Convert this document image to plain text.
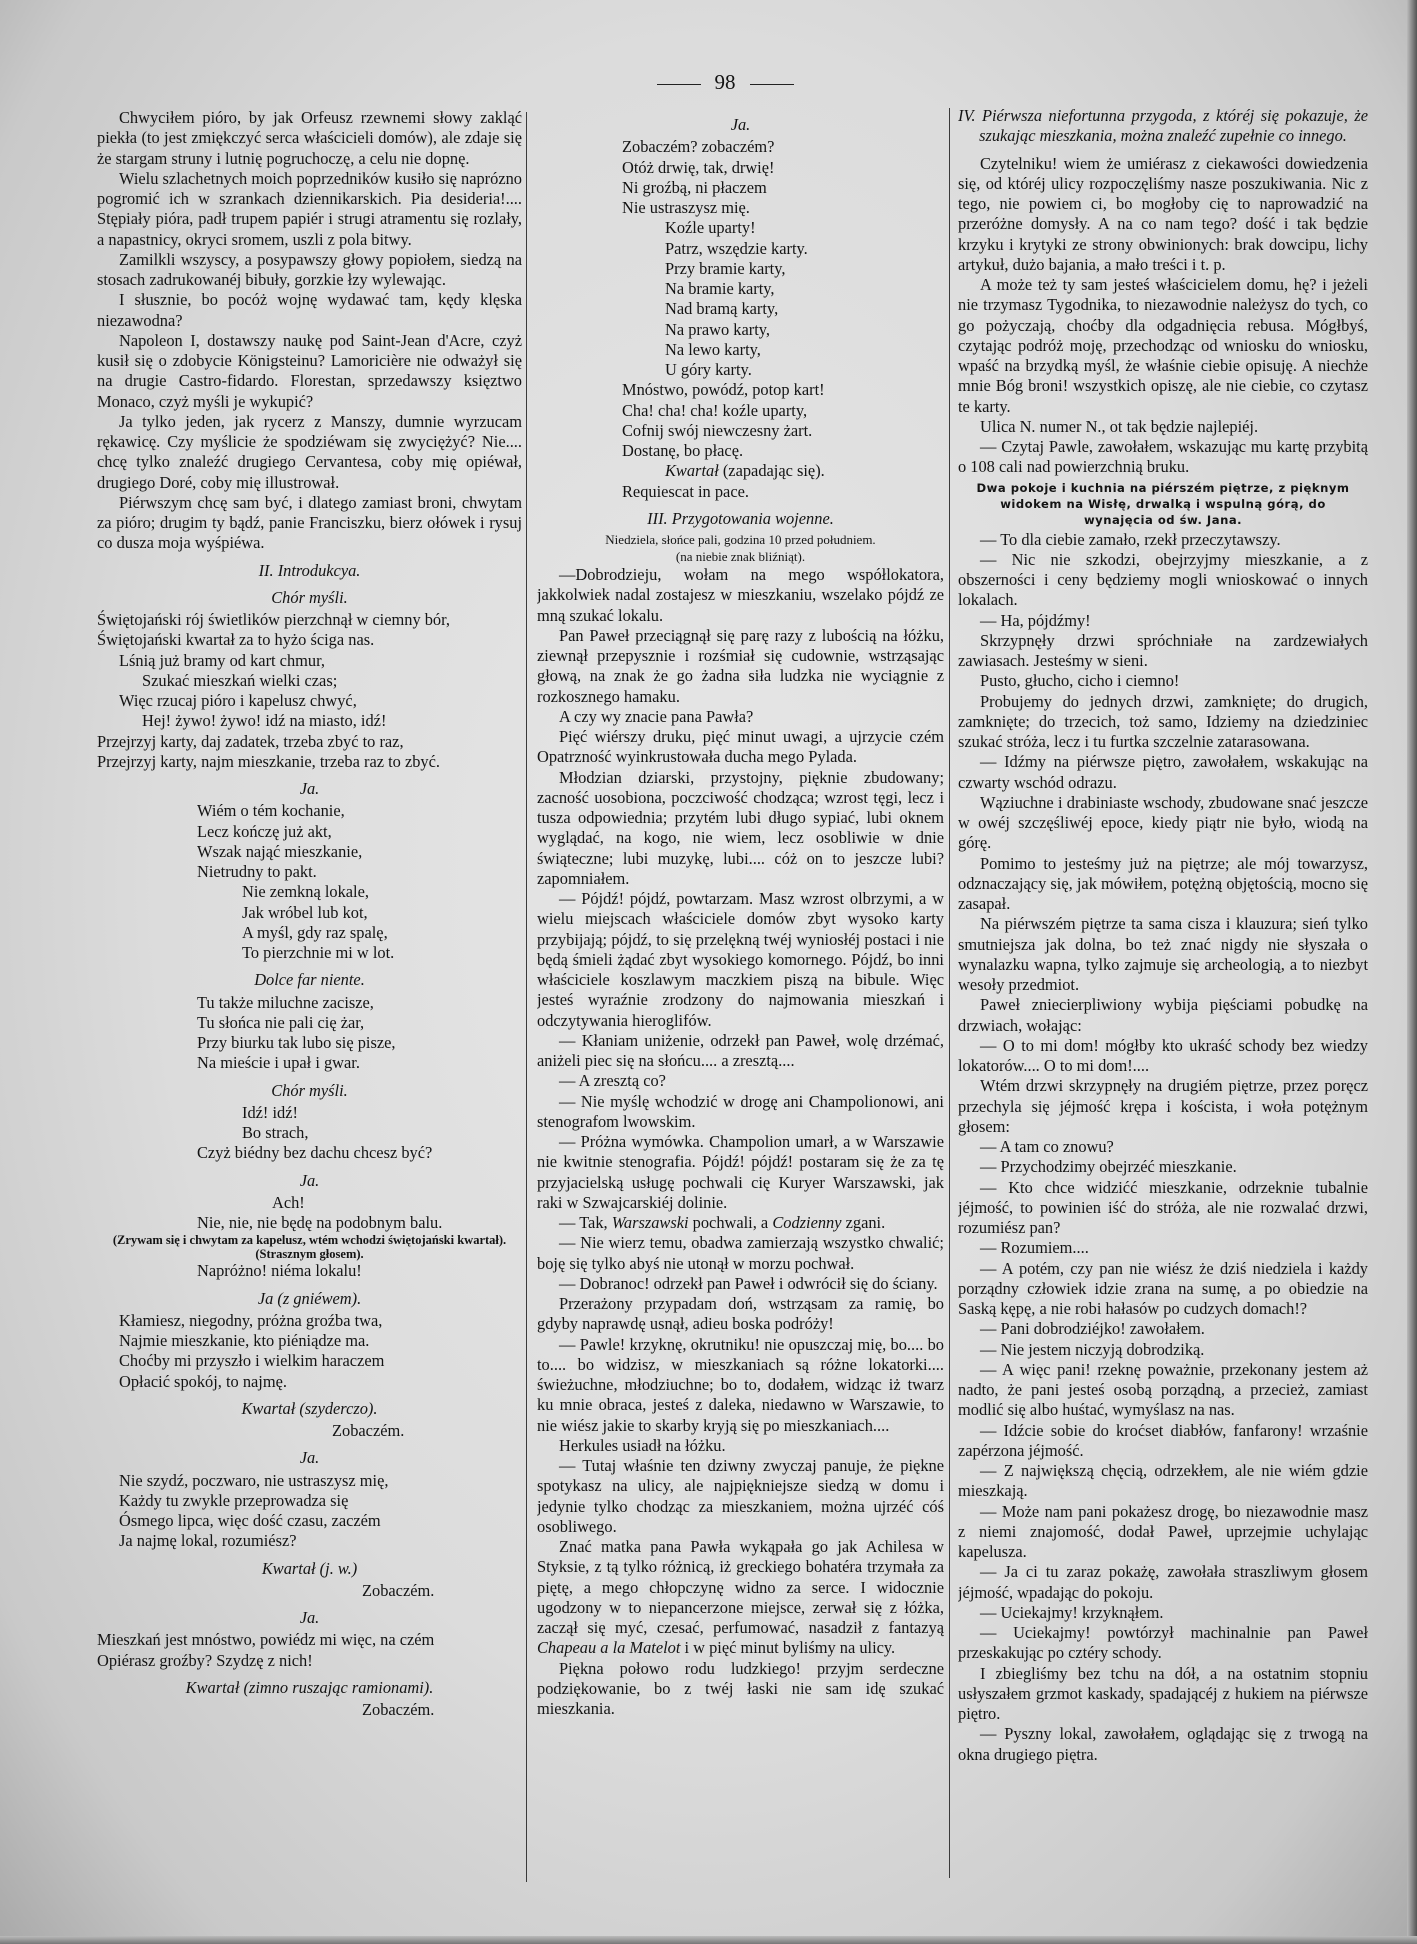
98
Chwyciłem pióro, by jak Orfeusz rzewnemi słowy zakląć piekła (to jest zmiękczyć serca właścicieli domów), ale zdaje się że stargam struny i lutnię pogruchoczę, a celu nie dopnę.
Wielu szlachetnych moich poprzedników kusiło się naprózno pogromić ich w szrankach dziennikarskich. Pia desideria!.... Stępiały pióra, padł trupem papiér i strugi atramentu się rozlały, a napastnicy, okryci sromem, uszli z pola bitwy.
Zamilkli wszyscy, a posypawszy głowy popiołem, siedzą na stosach zadrukowanéj bibuły, gorzkie łzy wylewając.
I słusznie, bo pocóż wojnę wydawać tam, kędy klęska niezawodna?
Napoleon I, dostawszy naukę pod Saint-Jean d'Acre, czyż kusił się o zdobycie Königsteinu? Lamoricière nie odważył się na drugie Castro-fidardo. Florestan, sprzedawszy księztwo Monaco, czyż myśli je wykupić?
Ja tylko jeden, jak rycerz z Manszy, dumnie wyrzucam rękawicę. Czy myślicie że spodziéwam się zwyciężyć? Nie.... chcę tylko znaleźć drugiego Cervantesa, coby mię opiéwał, drugiego Doré, coby mię illustrował.
Piérwszym chcę sam być, i dlatego zamiast broni, chwytam za pióro; drugim ty bądź, panie Franciszku, bierz ołówek i rysuj co dusza moja wyśpiéwa.
II. Introdukcya.
Chór myśli.
Świętojański rój świetlików pierzchnął w ciemny bór,
Świętojański kwartał za to hyżo ściga nas.
Lśnią już bramy od kart chmur,
Szukać mieszkań wielki czas;
Więc rzucaj pióro i kapelusz chwyć,
Hej! żywo! żywo! idź na miasto, idź!
Przejrzyj karty, daj zadatek, trzeba zbyć to raz,
Przejrzyj karty, najm mieszkanie, trzeba raz to zbyć.
Ja.
Wiém o tém kochanie,
Lecz kończę już akt,
Wszak nająć mieszkanie,
Nietrudny to pakt.
Nie zemkną lokale,
Jak wróbel lub kot,
A myśl, gdy raz spalę,
To pierzchnie mi w lot.
Dolce far niente.
Tu także miluchne zacisze,
Tu słońca nie pali cię żar,
Przy biurku tak lubo się pisze,
Na mieście i upał i gwar.
Chór myśli.
Idź! idź!
Bo strach,
Czyż biédny bez dachu chcesz być?
Ja.
Ach!
Nie, nie, nie będę na podobnym balu.
(Zrywam się i chwytam za kapelusz, wtém wchodzi świętojański kwartał).
(Strasznym głosem).
Napróżno! niéma lokalu!
Ja (z gniéwem).
Kłamiesz, niegodny, próżna groźba twa,
Najmie mieszkanie, kto piéniądze ma.
Choćby mi przyszło i wielkim haraczem
Opłacić spokój, to najmę.
Kwartał (szyderczo).
Zobaczém.
Ja.
Nie szydź, poczwaro, nie ustraszysz mię,
Każdy tu zwykle przeprowadza się
Ósmego lipca, więc dość czasu, zaczém
Ja najmę lokal, rozumiész?
Kwartał (j. w.)
Zobaczém.
Ja.
Mieszkań jest mnóstwo, powiédz mi więc, na czém
Opiérasz groźby? Szydzę z nich!
Kwartał (zimno ruszając ramionami).
Zobaczém.
Ja.
Zobaczém? zobaczém?
Otóż drwię, tak, drwię!
Ni groźbą, ni płaczem
Nie ustraszysz mię.
Koźle uparty!
Patrz, wszędzie karty.
Przy bramie karty,
Na bramie karty,
Nad bramą karty,
Na prawo karty,
Na lewo karty,
U góry karty.
Mnóstwo, powódź, potop kart!
Cha! cha! cha! koźle uparty,
Cofnij swój niewczesny żart.
Dostanę, bo płacę.
Kwartał (zapadając się).
Requiescat in pace.
III. Przygotowania wojenne.
Niedziela, słońce pali, godzina 10 przed południem.
(na niebie znak bliźniąt).
—Dobrodzieju, wołam na mego współlokatora, jakkolwiek nadal zostajesz w mieszkaniu, wszelako pójdź ze mną szukać lokalu.
Pan Paweł przeciągnął się parę razy z lubością na łóżku, ziewnął przepysznie i rozśmiał się cudownie, wstrząsając głową, na znak że go żadna siła ludzka nie wyciągnie z rozkosznego hamaku.
A czy wy znacie pana Pawła?
Pięć wiérszy druku, pięć minut uwagi, a ujrzycie czém Opatrzność wyinkrustowała ducha mego Pylada.
Młodzian dziarski, przystojny, pięknie zbudowany; zacność uosobiona, poczciwość chodząca; wzrost tęgi, lecz i tusza odpowiednia; przytém lubi długo sypiać, lubi oknem wyglądać, na kogo, nie wiem, lecz osobliwie w dnie świąteczne; lubi muzykę, lubi.... cóż on to jeszcze lubi? zapomniałem.
— Pójdź! pójdź, powtarzam. Masz wzrost olbrzymi, a w wielu miejscach właściciele domów zbyt wysoko karty przybijają; pójdź, to się przelękną twéj wyniosłéj postaci i nie będą śmieli żądać zbyt wysokiego komornego. Pójdź, bo inni właściciele koszlawym maczkiem piszą na bibule. Więc jesteś wyraźnie zrodzony do najmowania mieszkań i odczytywania hieroglifów.
— Kłaniam uniżenie, odrzekł pan Paweł, wolę drzémać, aniżeli piec się na słońcu.... a zresztą....
— A zresztą co?
— Nie myślę wchodzić w drogę ani Champolionowi, ani stenografom lwowskim.
— Próżna wymówka. Champolion umarł, a w Warszawie nie kwitnie stenografia. Pójdź! pójdź! postaram się że za tę przyjacielską usługę pochwali cię Kuryer Warszawski, jak raki w Szwajcarskiéj dolinie.
— Tak, Warszawski pochwali, a Codzienny zgani.
— Nie wierz temu, obadwa zamierzają wszystko chwalić; boję się tylko abyś nie utonął w morzu pochwał.
— Dobranoc! odrzekł pan Paweł i odwrócił się do ściany.
Przerażony przypadam doń, wstrząsam za ramię, bo gdyby naprawdę usnął, adieu boska podróży!
— Pawle! krzyknę, okrutniku! nie opuszczaj mię, bo.... bo to.... bo widzisz, w mieszkaniach są różne lokatorki.... świeżuchne, młodziuchne; bo to, dodałem, widząc iż twarz ku mnie obraca, jesteś z daleka, niedawno w Warszawie, to nie wiész jakie to skarby kryją się po mieszkaniach....
Herkules usiadł na łóżku.
— Tutaj właśnie ten dziwny zwyczaj panuje, że piękne spotykasz na ulicy, ale najpiękniejsze siedzą w domu i jedynie tylko chodząc za mieszkaniem, można ujrzéć cóś osobliwego.
Znać matka pana Pawła wykąpała go jak Achilesa w Styksie, z tą tylko różnicą, iż greckiego bohatéra trzymała za piętę, a mego chłopczynę widno za serce. I widocznie ugodzony w to niepancerzone miejsce, zerwał się z łóżka, zaczął się myć, czesać, perfumować, nasadził z fantazyą Chapeau a la Matelot i w pięć minut byliśmy na ulicy.
Piękna połowo rodu ludzkiego! przyjm serdeczne podziękowanie, bo z twéj łaski nie sam idę szukać mieszkania.
IV. Piérwsza niefortunna przygoda, z któréj się pokazuje, że szukając mieszkania, można znaleźć zupełnie co innego.
Czytelniku! wiem że umiérasz z ciekawości dowiedzenia się, od któréj ulicy rozpoczęliśmy nasze poszukiwania. Nic z tego, nie powiem ci, bo mogłoby cię to naprowadzić na przeróżne domysły. A na co nam tego? dość i tak będzie krzyku i krytyki ze strony obwinionych: brak dowcipu, lichy artykuł, dużo bajania, a mało treści i t. p.
A może też ty sam jesteś właścicielem domu, hę? i jeżeli nie trzymasz Tygodnika, to niezawodnie należysz do tych, co go pożyczają, choćby dla odgadnięcia rebusa. Mógłbyś, czytając podróż moję, przechodząc od wniosku do wniosku, wpaść na brzydką myśl, że właśnie ciebie opisuję. A niechże mnie Bóg broni! wszystkich opiszę, ale nie ciebie, co czytasz te karty.
Ulica N. numer N., ot tak będzie najlepiéj.
— Czytaj Pawle, zawołałem, wskazując mu kartę przybitą o 108 cali nad powierzchnią bruku.
Dwa pokoje i kuchnia na piérszém piętrze, z pięknym widokem na Wisłę, drwalką i wspulną górą, do wynajęcia od św. Jana.
— To dla ciebie zamało, rzekł przeczytawszy.
— Nic nie szkodzi, obejrzyjmy mieszkanie, a z obszerności i ceny będziemy mogli wnioskować o innych lokalach.
— Ha, pójdźmy!
Skrzypnęły drzwi spróchniałe na zardzewiałych zawiasach. Jesteśmy w sieni.
Pusto, głucho, cicho i ciemno!
Probujemy do jednych drzwi, zamknięte; do drugich, zamknięte; do trzecich, toż samo, Idziemy na dziedziniec szukać stróża, lecz i tu furtka szczelnie zatarasowana.
— Idźmy na piérwsze piętro, zawołałem, wskakując na czwarty wschód odrazu.
Wąziuchne i drabiniaste wschody, zbudowane snać jeszcze w owéj szczęśliwéj epoce, kiedy piątr nie było, wiodą na górę.
Pomimo to jesteśmy już na piętrze; ale mój towarzysz, odznaczający się, jak mówiłem, potężną objętością, mocno się zasapał.
Na piérwszém piętrze ta sama cisza i klauzura; sień tylko smutniejsza jak dolna, bo też znać nigdy nie słyszała o wynalazku wapna, tylko zajmuje się archeologią, a to niezbyt wesoły przedmiot.
Paweł zniecierpliwiony wybija pięściami pobudkę na drzwiach, wołając:
— O to mi dom! mógłby kto ukraść schody bez wiedzy lokatorów.... O to mi dom!....
Wtém drzwi skrzypnęły na drugiém piętrze, przez poręcz przechyla się jéjmość krępa i koścista, i woła potężnym głosem:
— A tam co znowu?
— Przychodzimy obejrzéć mieszkanie.
— Kto chce widzićć mieszkanie, odrzeknie tubalnie jéjmość, to powinien iść do stróża, ale nie rozwalać drzwi, rozumiész pan?
— Rozumiem....
— A potém, czy pan nie wiész że dziś niedziela i każdy porządny człowiek idzie zrana na sumę, a po obiedzie na Saską kępę, a nie robi hałasów po cudzych domach!?
— Pani dobrodziéjko! zawołałem.
— Nie jestem niczyją dobrodziką.
— A więc pani! rzeknę poważnie, przekonany jestem aż nadto, że pani jesteś osobą porządną, a przecież, zamiast modlić się albo huśtać, wymyślasz na nas.
— Idźcie sobie do kroćset diabłów, fanfarony! wrzaśnie zapérzona jéjmość.
— Z największą chęcią, odrzekłem, ale nie wiém gdzie mieszkają.
— Może nam pani pokażesz drogę, bo niezawodnie masz z niemi znajomość, dodał Paweł, uprzejmie uchylając kapelusza.
— Ja ci tu zaraz pokażę, zawołała straszliwym głosem jéjmość, wpadając do pokoju.
— Uciekajmy! krzyknąłem.
— Uciekajmy! powtórzył machinalnie pan Paweł przeskakując po cztéry schody.
I zbiegliśmy bez tchu na dół, a na ostatnim stopniu usłyszałem grzmot kaskady, spadającéj z hukiem na piérwsze piętro.
— Pyszny lokal, zawołałem, oglądając się z trwogą na okna drugiego piętra.
